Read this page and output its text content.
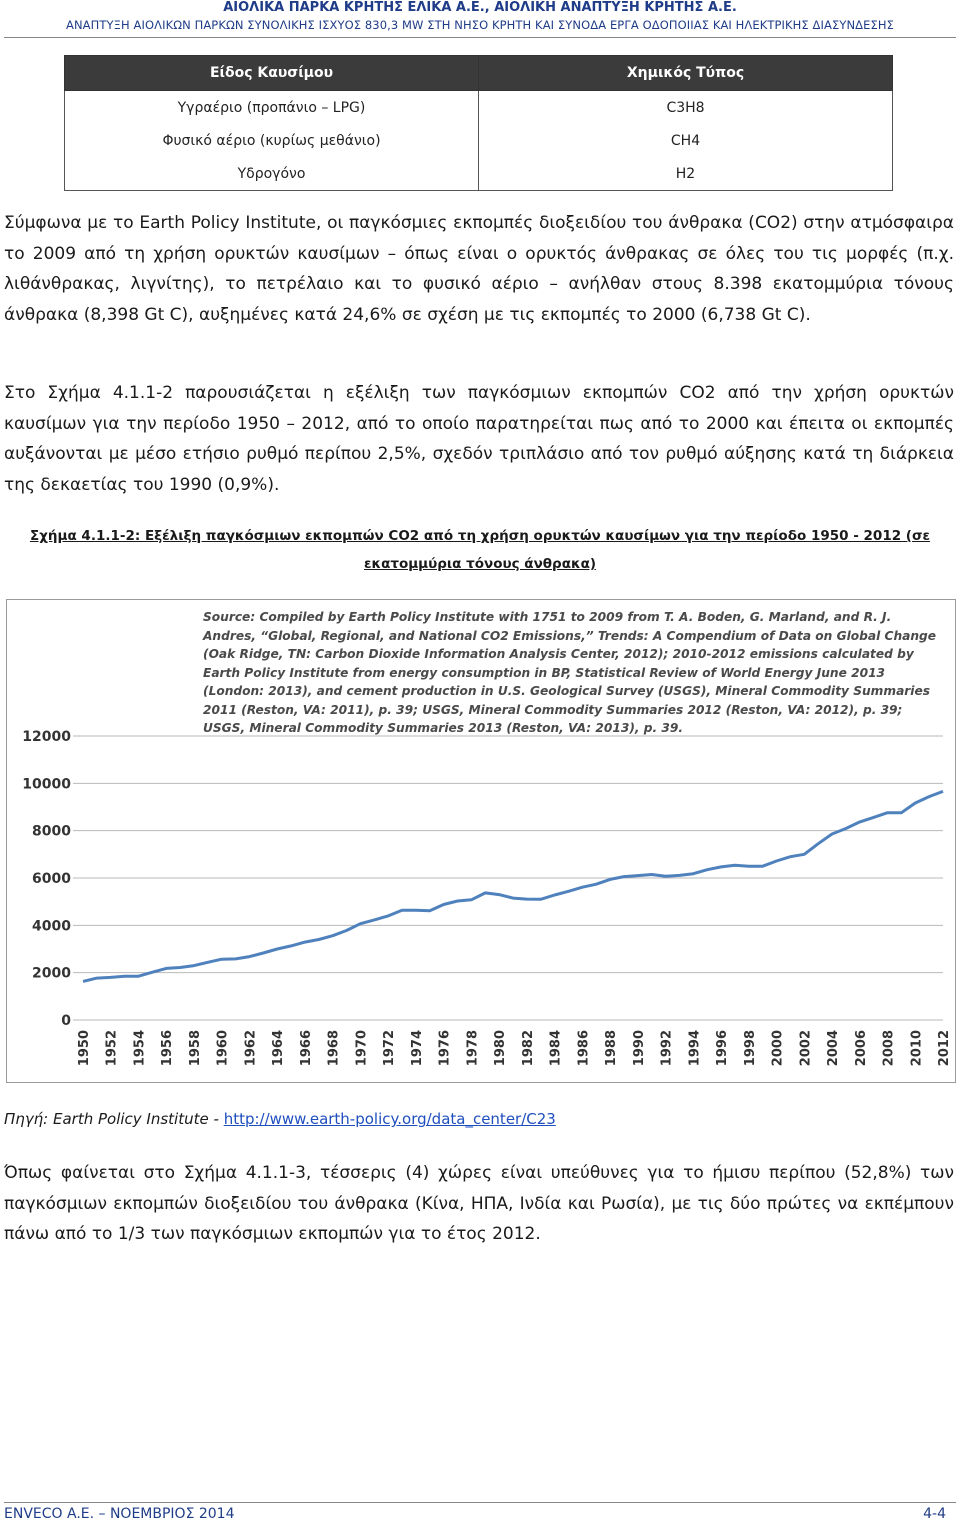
ΑΙΟΛΙΚΑ ΠΑΡΚΑ ΚΡΗΤΗΣ ΕΛΙΚΑ Α.Ε., ΑΙΟΛΙΚΗ ΑΝΑΠΤΥΞΗ ΚΡΗΤΗΣ Α.Ε.
ΑΝΑΠΤΥΞΗ ΑΙΟΛΙΚΩΝ ΠΑΡΚΩΝ ΣΥΝΟΛΙΚΗΣ ΙΣΧΥΟΣ 830,3 MW ΣΤΗ ΝΗΣΟ ΚΡΗΤΗ ΚΑΙ ΣΥΝΟΔΑ ΕΡΓΑ ΟΔΟΠΟΙΙΑΣ ΚΑΙ ΗΛΕΚΤΡΙΚΗΣ ΔΙΑΣΥΝΔΕΣΗΣ
Είδος Καυσίμου	Χημικός Τύπος
Υγραέριο (προπάνιο – LPG)	C3H8
Φυσικό αέριο (κυρίως μεθάνιο)	CH4
Υδρογόνο	H2
Σύμφωνα με το Earth Policy Institute, οι παγκόσμιες εκπομπές διοξειδίου του άνθρακα (CO2) στην ατμόσφαιρα το 2009 από τη χρήση ορυκτών καυσίμων – όπως είναι ο ορυκτός άνθρακας σε όλες του τις μορφές (π.χ. λιθάνθρακας, λιγνίτης), το πετρέλαιο και το φυσικό αέριο – ανήλθαν στους 8.398 εκατομμύρια τόνους άνθρακα (8,398 Gt C), αυξημένες κατά 24,6% σε σχέση με τις εκπομπές το 2000 (6,738 Gt C).
Στο Σχήμα 4.1.1-2 παρουσιάζεται η εξέλιξη των παγκόσμιων εκπομπών CO2 από την χρήση ορυκτών καυσίμων για την περίοδο 1950 – 2012, από το οποίο παρατηρείται πως από το 2000 και έπειτα οι εκπομπές αυξάνονται με μέσο ετήσιο ρυθμό περίπου 2,5%, σχεδόν τριπλάσιο από τον ρυθμό αύξησης κατά τη διάρκεια της δεκαετίας του 1990 (0,9%).
Σχήμα 4.1.1-2: Εξέλιξη παγκόσμιων εκπομπών CO2 από τη χρήση ορυκτών καυσίμων για την περίοδο 1950 - 2012 (σε εκατομμύρια τόνους άνθρακα)
Source: Compiled by Earth Policy Institute with 1751 to 2009 from T. A. Boden, G. Marland, and R. J. Andres, “Global, Regional, and National CO2 Emissions,” Trends: A Compendium of Data on Global Change (Oak Ridge, TN: Carbon Dioxide Information Analysis Center, 2012); 2010-2012 emissions calculated by Earth Policy Institute from energy consumption in BP, Statistical Review of World Energy June 2013 (London: 2013), and cement production in U.S. Geological Survey (USGS), Mineral Commodity Summaries 2011 (Reston, VA: 2011), p. 39; USGS, Mineral Commodity Summaries 2012 (Reston, VA: 2012), p. 39; USGS, Mineral Commodity Summaries 2013 (Reston, VA: 2013), p. 39.
0
2000
4000
6000
8000
10000
12000
1950 1952 1954 1956 1958 1960 1962 1964 1966 1968 1970 1972 1974 1976 1978 1980 1982 1984 1986 1988 1990 1992 1994 1996 1998 2000 2002 2004 2006 2008 2010 2012
Πηγή: Earth Policy Institute - http://www.earth-policy.org/data_center/C23
Όπως φαίνεται στο Σχήμα 4.1.1-3, τέσσερις (4) χώρες είναι υπεύθυνες για το ήμισυ περίπου (52,8%) των παγκόσμιων εκπομπών διοξειδίου του άνθρακα (Κίνα, ΗΠΑ, Ινδία και Ρωσία), με τις δύο πρώτες να εκπέμπουν πάνω από το 1/3 των παγκόσμιων εκπομπών για το έτος 2012.
ENVECO A.E. – ΝΟΕΜΒΡΙΟΣ 2014	4-4
